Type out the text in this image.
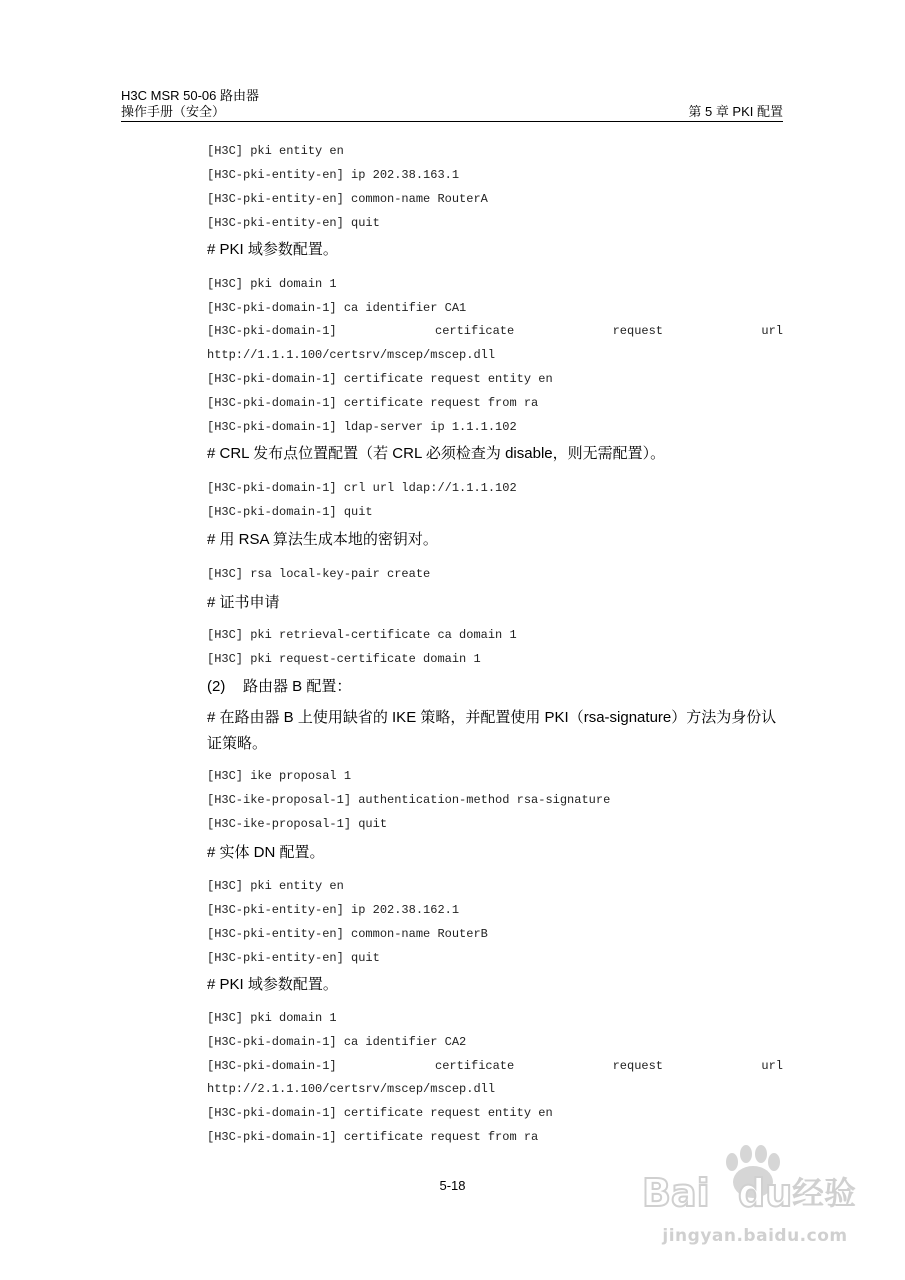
H3C MSR 50-06 路由器
操作手册（安全）	第 5 章 PKI 配置
[H3C] pki entity en
[H3C-pki-entity-en] ip 202.38.163.1
[H3C-pki-entity-en] common-name RouterA
[H3C-pki-entity-en] quit
# PKI 域参数配置。
[H3C] pki domain 1
[H3C-pki-domain-1] ca identifier CA1
[H3C-pki-domain-1]	certificate	request	url
http://1.1.1.100/certsrv/mscep/mscep.dll
[H3C-pki-domain-1] certificate request entity en
[H3C-pki-domain-1] certificate request from ra
[H3C-pki-domain-1] ldap-server ip 1.1.1.102
# CRL 发布点位置配置（若 CRL 必须检查为 disable，则无需配置）。
[H3C-pki-domain-1] crl url ldap://1.1.1.102
[H3C-pki-domain-1] quit
# 用 RSA 算法生成本地的密钥对。
[H3C] rsa local-key-pair create
# 证书申请
[H3C] pki retrieval-certificate ca domain 1
[H3C] pki request-certificate domain 1
(2) 路由器 B 配置：
# 在路由器 B 上使用缺省的 IKE 策略，并配置使用 PKI（rsa-signature）方法为身份认证策略。
[H3C] ike proposal 1
[H3C-ike-proposal-1] authentication-method rsa-signature
[H3C-ike-proposal-1] quit
# 实体 DN 配置。
[H3C] pki entity en
[H3C-pki-entity-en] ip 202.38.162.1
[H3C-pki-entity-en] common-name RouterB
[H3C-pki-entity-en] quit
# PKI 域参数配置。
[H3C] pki domain 1
[H3C-pki-domain-1] ca identifier CA2
[H3C-pki-domain-1]	certificate	request	url
http://2.1.1.100/certsrv/mscep/mscep.dll
[H3C-pki-domain-1] certificate request entity en
[H3C-pki-domain-1] certificate request from ra
5-18	Bai du 经验
jingyan.baidu.com
